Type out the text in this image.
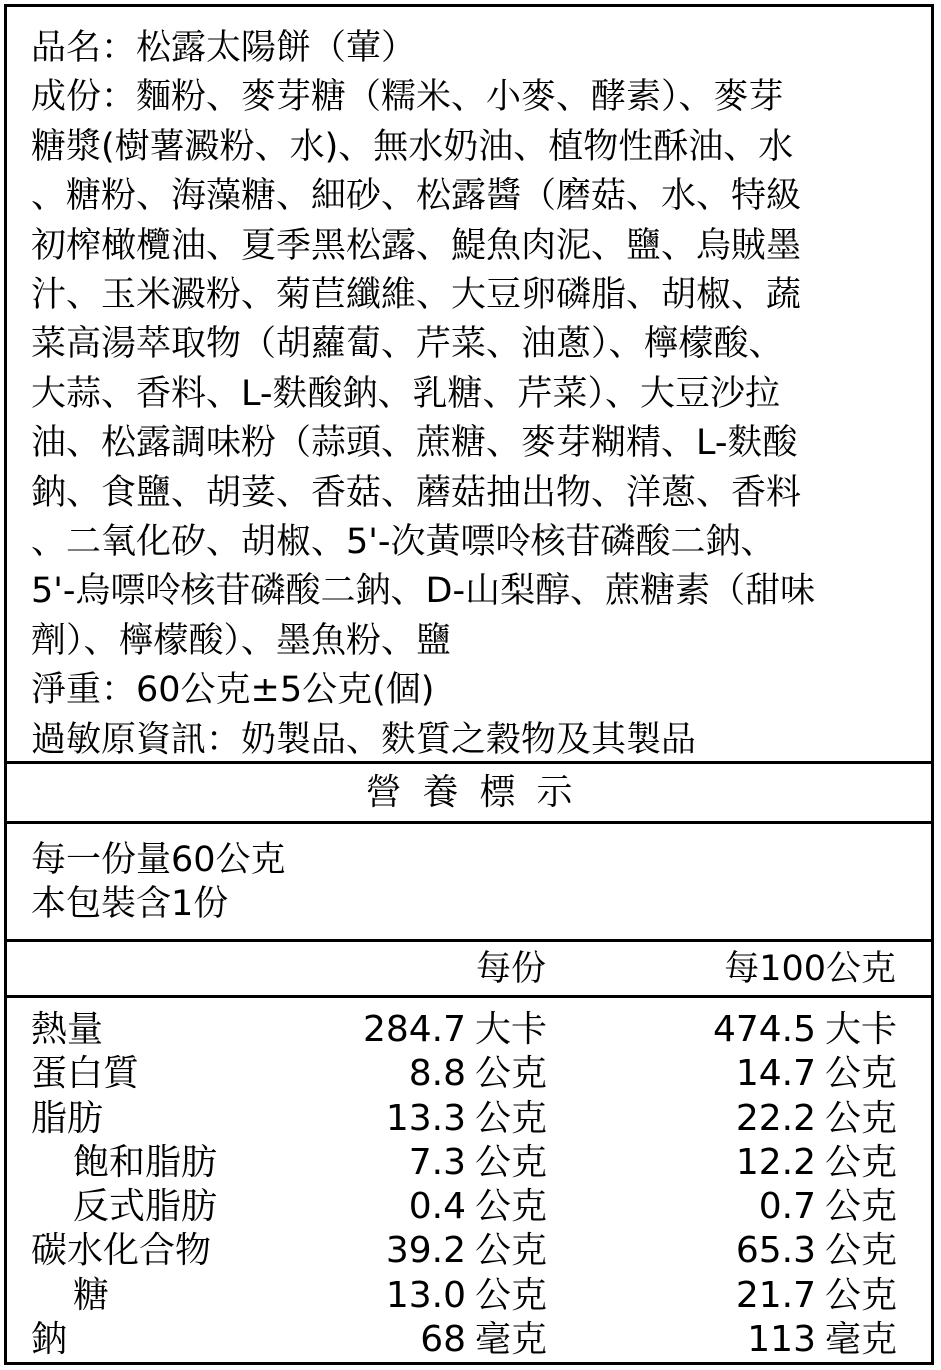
品名：松露太陽餅（葷）
成份：麵粉、麥芽糖（糯米、小麥、酵素）、麥芽
糖漿(樹薯澱粉、水)、無水奶油、植物性酥油、水
、糖粉、海藻糖、細砂、松露醬（磨菇、水、特級
初榨橄欖油、夏季黑松露、鯷魚肉泥、鹽、烏賊墨
汁、玉米澱粉、菊苣纖維、大豆卵磷脂、胡椒、蔬
菜高湯萃取物（胡蘿蔔、芹菜、油蔥）、檸檬酸、
大蒜、香料、L-麩酸鈉、乳糖、芹菜）、大豆沙拉
油、松露調味粉（蒜頭、蔗糖、麥芽糊精、L-麩酸
鈉、食鹽、胡荽、香菇、蘑菇抽出物、洋蔥、香料
、二氧化矽、胡椒、5'-次黃嘌呤核苷磷酸二鈉、
5'-烏嘌呤核苷磷酸二鈉、D-山梨醇、蔗糖素（甜味
劑）、檸檬酸）、墨魚粉、鹽
淨重：60公克±5公克(個)
過敏原資訊：奶製品、麩質之穀物及其製品
營養標示
每一份量60公克
本包裝含1份
每份	每100公克
熱量	284.7 大卡	474.5 大卡
蛋白質	8.8 公克	14.7 公克
脂肪	13.3 公克	22.2 公克
飽和脂肪	7.3 公克	12.2 公克
反式脂肪	0.4 公克	0.7 公克
碳水化合物	39.2 公克	65.3 公克
糖	13.0 公克	21.7 公克
鈉	68 毫克	113 毫克
